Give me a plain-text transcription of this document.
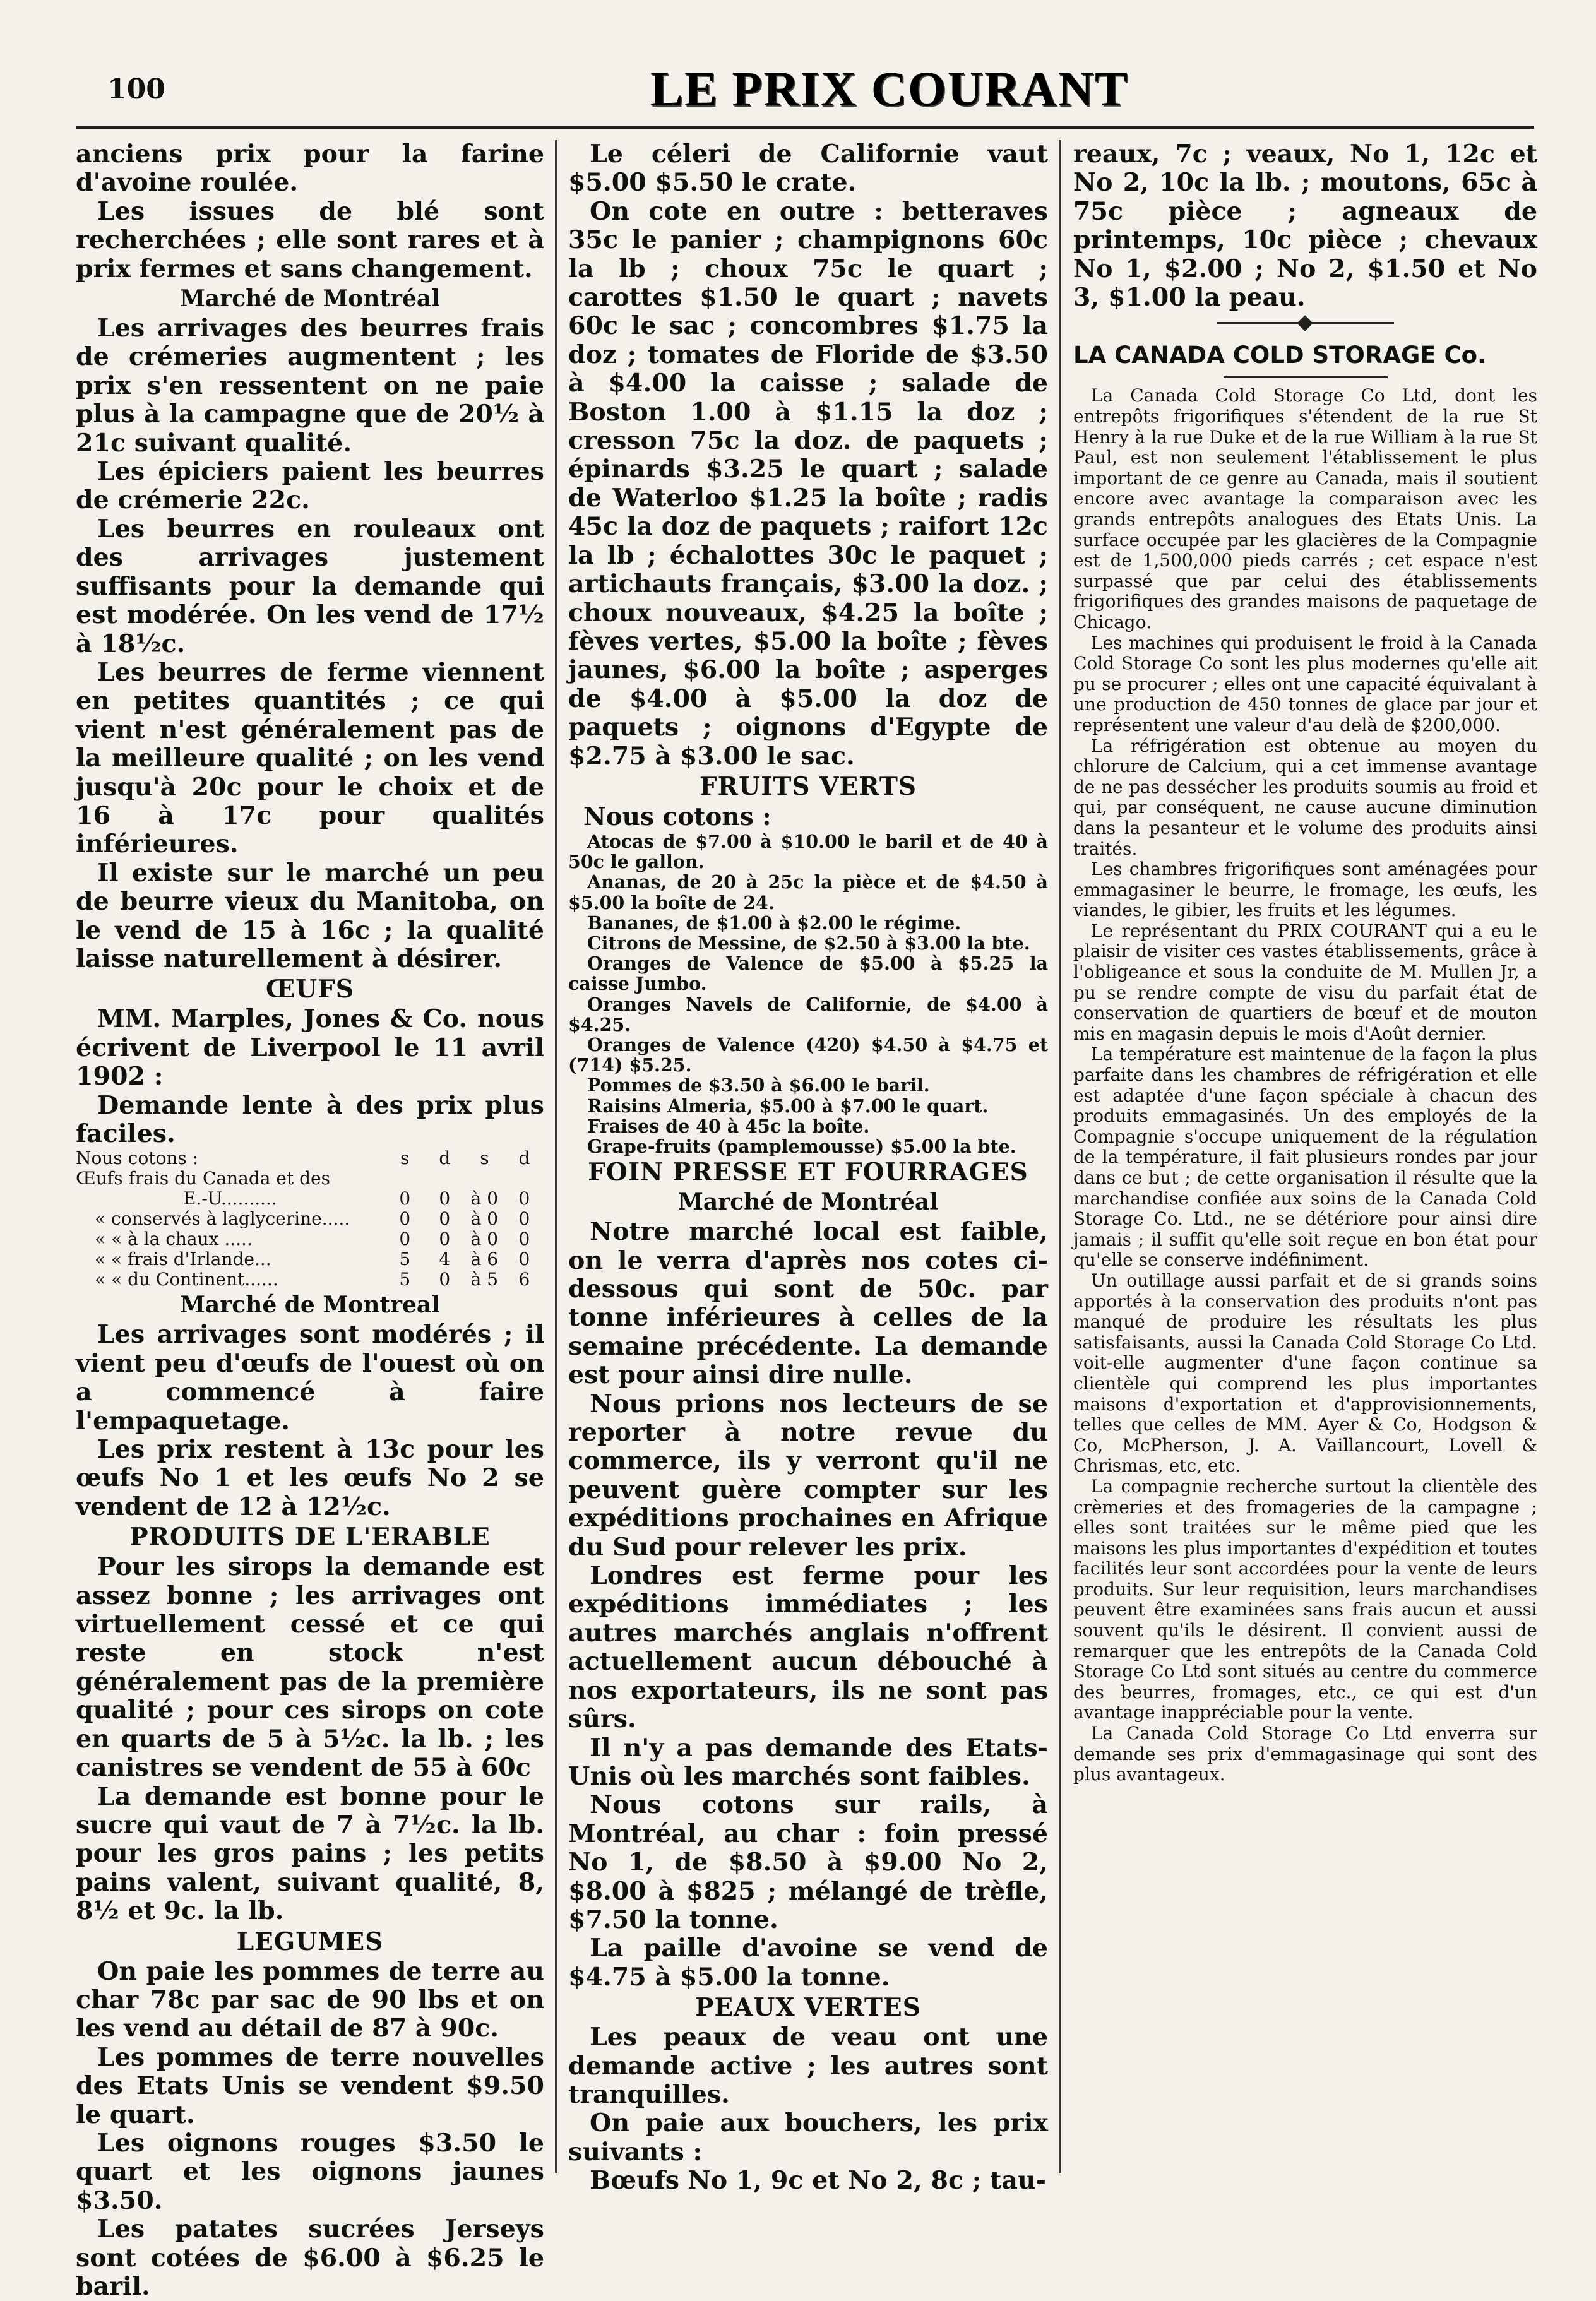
100	LE PRIX COURANT

anciens prix pour la farine d'avoine roulée.

Les issues de blé sont recherchées ; elle sont rares et à prix fermes et sans changement.

Marché de Montréal

Les arrivages des beurres frais de crémeries augmentent ; les prix s'en ressentent on ne paie plus à la campagne que de 20½ à 21c suivant qualité.

Les épiciers paient les beurres de crémerie 22c.

Les beurres en rouleaux ont des arrivages justement suffisants pour la demande qui est modérée. On les vend de 17½ à 18½c.

Les beurres de ferme viennent en petites quantités ; ce qui vient n'est généralement pas de la meilleure qualité ; on les vend jusqu'à 20c pour le choix et de 16 à 17c pour qualités inférieures.

Il existe sur le marché un peu de beurre vieux du Manitoba, on le vend de 15 à 16c ; la qualité laisse naturellement à désirer.

ŒUFS

MM. Marples, Jones & Co. nous écrivent de Liverpool le 11 avril 1902 :

Demande lente à des prix plus faciles.

Nous cotons :	s	d	s	d
Œufs frais du Canada et des				
E.-U..........	0	0	à 0	0
« conservés à laglycerine.....	0	0	à 0	0
« « à la chaux .....	0	0	à 0	0
« « frais d'Irlande...	5	4	à 6	0
« « du Continent......	5	0	à 5	6
Marché de Montreal

Les arrivages sont modérés ; il vient peu d'œufs de l'ouest où on a commencé à faire l'empaquetage.

Les prix restent à 13c pour les œufs No 1 et les œufs No 2 se vendent de 12 à 12½c.

PRODUITS DE L'ERABLE

Pour les sirops la demande est assez bonne ; les arrivages ont virtuellement cessé et ce qui reste en stock n'est généralement pas de la première qualité ; pour ces sirops on cote en quarts de 5 à 5½c. la lb. ; les canistres se vendent de 55 à 60c

La demande est bonne pour le sucre qui vaut de 7 à 7½c. la lb. pour les gros pains ; les petits pains valent, suivant qualité, 8, 8½ et 9c. la lb.

LEGUMES

On paie les pommes de terre au char 78c par sac de 90 lbs et on les vend au détail de 87 à 90c.

Les pommes de terre nouvelles des Etats Unis se vendent $9.50 le quart.

Les oignons rouges $3.50 le quart et les oignons jaunes $3.50.

Les patates sucrées Jerseys sont cotées de $6.00 à $6.25 le baril.

Le céleri de Californie vaut $5.00 $5.50 le crate.

On cote en outre : betteraves 35c le panier ; champignons 60c la lb ; choux 75c le quart ; carottes $1.50 le quart ; navets 60c le sac ; concombres $1.75 la doz ; tomates de Floride de $3.50 à $4.00 la caisse ; salade de Boston 1.00 à $1.15 la doz ; cresson 75c la doz. de paquets ; épinards $3.25 le quart ; salade de Waterloo $1.25 la boîte ; radis 45c la doz de paquets ; raifort 12c la lb ; échalottes 30c le paquet ; artichauts français, $3.00 la doz. ; choux nouveaux, $4.25 la boîte ; fèves vertes, $5.00 la boîte ; fèves jaunes, $6.00 la boîte ; asperges de $4.00 à $5.00 la doz de paquets ; oignons d'Egypte de $2.75 à $3.00 le sac.

FRUITS VERTS

Nous cotons :

Atocas de $7.00 à $10.00 le baril et de 40 à 50c le gallon.

Ananas, de 20 à 25c la pièce et de $4.50 à $5.00 la boîte de 24.

Bananes, de $1.00 à $2.00 le régime.

Citrons de Messine, de $2.50 à $3.00 la bte.

Oranges de Valence de $5.00 à $5.25 la caisse Jumbo.

Oranges Navels de Californie, de $4.00 à $4.25.

Oranges de Valence (420) $4.50 à $4.75 et (714) $5.25.

Pommes de $3.50 à $6.00 le baril.

Raisins Almeria, $5.00 à $7.00 le quart.

Fraises de 40 à 45c la boîte.

Grape-fruits (pamplemousse) $5.00 la bte.

FOIN PRESSE ET FOURRAGES
Marché de Montréal

Notre marché local est faible, on le verra d'après nos cotes ci-dessous qui sont de 50c. par tonne inférieures à celles de la semaine précédente. La demande est pour ainsi dire nulle.

Nous prions nos lecteurs de se reporter à notre revue du commerce, ils y verront qu'il ne peuvent guère compter sur les expéditions prochaines en Afrique du Sud pour relever les prix.

Londres est ferme pour les expéditions immédiates ; les autres marchés anglais n'offrent actuellement aucun débouché à nos exportateurs, ils ne sont pas sûrs.

Il n'y a pas demande des Etats-Unis où les marchés sont faibles.

Nous cotons sur rails, à Montréal, au char : foin pressé No 1, de $8.50 à $9.00 No 2, $8.00 à $825 ; mélangé de trèfle, $7.50 la tonne.

La paille d'avoine se vend de $4.75 à $5.00 la tonne.

PEAUX VERTES

Les peaux de veau ont une demande active ; les autres sont tranquilles.

On paie aux bouchers, les prix suivants :

Bœufs No 1, 9c et No 2, 8c ; tau-

reaux, 7c ; veaux, No 1, 12c et No 2, 10c la lb. ; moutons, 65c à 75c pièce ; agneaux de printemps, 10c pièce ; chevaux No 1, $2.00 ; No 2, $1.50 et No 3, $1.00 la peau.

LA CANADA COLD STORAGE Co.

La Canada Cold Storage Co Ltd, dont les entrepôts frigorifiques s'étendent de la rue St Henry à la rue Duke et de la rue William à la rue St Paul, est non seulement l'établissement le plus important de ce genre au Canada, mais il soutient encore avec avantage la comparaison avec les grands entrepôts analogues des Etats Unis. La surface occupée par les glacières de la Compagnie est de 1,500,000 pieds carrés ; cet espace n'est surpassé que par celui des établissements frigorifiques des grandes maisons de paquetage de Chicago.

Les machines qui produisent le froid à la Canada Cold Storage Co sont les plus modernes qu'elle ait pu se procurer ; elles ont une capacité équivalant à une production de 450 tonnes de glace par jour et représentent une valeur d'au delà de $200,000.

La réfrigération est obtenue au moyen du chlorure de Calcium, qui a cet immense avantage de ne pas dessécher les produits soumis au froid et qui, par conséquent, ne cause aucune diminution dans la pesanteur et le volume des produits ainsi traités.

Les chambres frigorifiques sont aménagées pour emmagasiner le beurre, le fromage, les œufs, les viandes, le gibier, les fruits et les légumes.

Le représentant du PRIX COURANT qui a eu le plaisir de visiter ces vastes établissements, grâce à l'obligeance et sous la conduite de M. Mullen Jr, a pu se rendre compte de visu du parfait état de conservation de quartiers de bœuf et de mouton mis en magasin depuis le mois d'Août dernier.

La température est maintenue de la façon la plus parfaite dans les chambres de réfrigération et elle est adaptée d'une façon spéciale à chacun des produits emmagasinés. Un des employés de la Compagnie s'occupe uniquement de la régulation de la température, il fait plusieurs rondes par jour dans ce but ; de cette organisation il résulte que la marchandise confiée aux soins de la Canada Cold Storage Co. Ltd., ne se détériore pour ainsi dire jamais ; il suffit qu'elle soit reçue en bon état pour qu'elle se conserve indéfiniment.

Un outillage aussi parfait et de si grands soins apportés à la conservation des produits n'ont pas manqué de produire les résultats les plus satisfaisants, aussi la Canada Cold Storage Co Ltd. voit-elle augmenter d'une façon continue sa clientèle qui comprend les plus importantes maisons d'exportation et d'approvisionnements, telles que celles de MM. Ayer & Co, Hodgson & Co, McPherson, J. A. Vaillancourt, Lovell & Chrismas, etc, etc.

La compagnie recherche surtout la clientèle des crèmeries et des fromageries de la campagne ; elles sont traitées sur le même pied que les maisons les plus importantes d'expédition et toutes facilités leur sont accordées pour la vente de leurs produits. Sur leur requisition, leurs marchandises peuvent être examinées sans frais aucun et aussi souvent qu'ils le désirent. Il convient aussi de remarquer que les entrepôts de la Canada Cold Storage Co Ltd sont situés au centre du commerce des beurres, fromages, etc., ce qui est d'un avantage inappréciable pour la vente.

La Canada Cold Storage Co Ltd enverra sur demande ses prix d'emmagasinage qui sont des plus avantageux.
